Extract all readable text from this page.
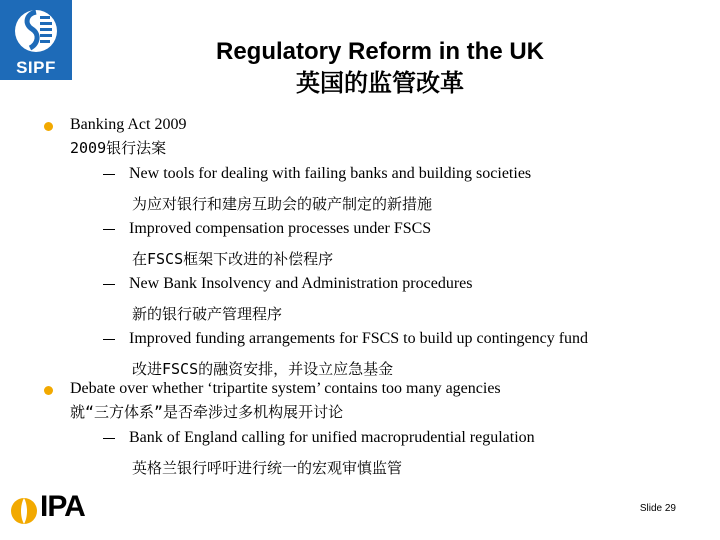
SIPF
Regulatory Reform in the UK
英国的监管改革
Banking Act 2009
2009银行法案
New tools for dealing with failing banks and building societies
为应对银行和建房互助会的破产制定的新措施
Improved compensation processes under FSCS
在FSCS框架下改进的补偿程序
New Bank Insolvency and Administration procedures
新的银行破产管理程序
Improved funding arrangements for FSCS to build up contingency fund
改进FSCS的融资安排，并设立应急基金
Debate over whether ‘tripartite system’ contains too many agencies
就“三方体系”是否牵涉过多机构展开讨论
Bank of England calling for unified macroprudential regulation
英格兰银行呼吁进行统一的宏观审慎监管
IPA	Slide 29
